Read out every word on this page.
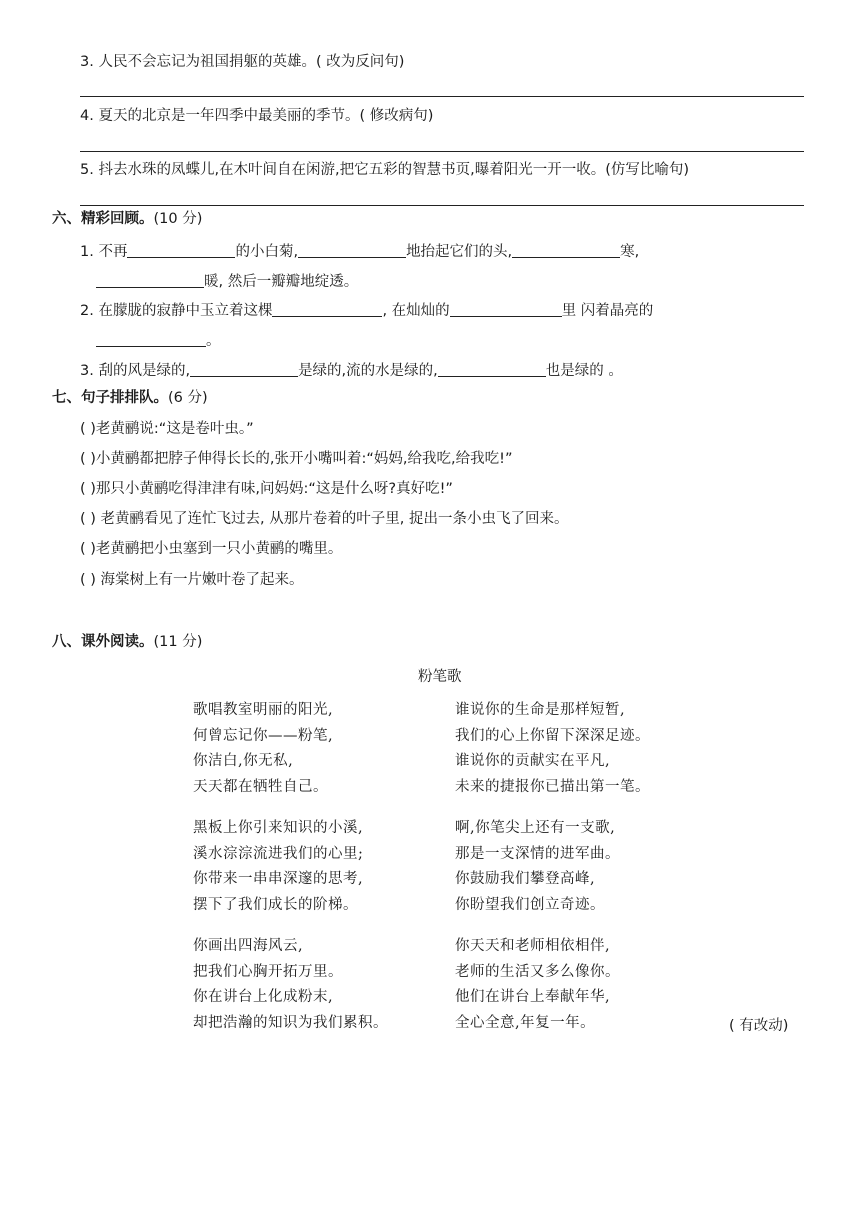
3. 人民不会忘记为祖国捐躯的英雄。( 改为反问句)
4. 夏天的北京是一年四季中最美丽的季节。( 修改病句)
5. 抖去水珠的凤蝶儿,在木叶间自在闲游,把它五彩的智慧书页,曝着阳光一开一收。(仿写比喻句)
六、精彩回顾。(10 分)
1. 不再	的小白菊,	地抬起它们的头,	寒,
暖, 然后一瓣瓣地绽透。
2. 在朦胧的寂静中玉立着这棵	, 在灿灿的	里 闪着晶亮的
。
3. 刮的风是绿的,	是绿的,流的水是绿的,	也是绿的 。
七、句子排排队。(6 分)
( )老黄鹂说:“这是卷叶虫。”
( )小黄鹂都把脖子伸得长长的,张开小嘴叫着:“妈妈,给我吃,给我吃!”
( )那只小黄鹂吃得津津有味,问妈妈:“这是什么呀?真好吃!”
( ) 老黄鹂看见了连忙飞过去, 从那片卷着的叶子里, 捉出一条小虫飞了回来。
( )老黄鹂把小虫塞到一只小黄鹂的嘴里。
( ) 海棠树上有一片嫩叶卷了起来。
八、课外阅读。(11 分)
粉笔歌
歌唱教室明丽的阳光,
何曾忘记你——粉笔,
你洁白,你无私,
天天都在牺牲自己。
黑板上你引来知识的小溪,
溪水淙淙流进我们的心里;
你带来一串串深邃的思考,
摆下了我们成长的阶梯。
你画出四海风云,
把我们心胸开拓万里。
你在讲台上化成粉末,
却把浩瀚的知识为我们累积。
谁说你的生命是那样短暂,
我们的心上你留下深深足迹。
谁说你的贡献实在平凡,
未来的捷报你已描出第一笔。
啊,你笔尖上还有一支歌,
那是一支深情的进军曲。
你鼓励我们攀登高峰,
你盼望我们创立奇迹。
你天天和老师相依相伴,
老师的生活又多么像你。
他们在讲台上奉献年华,
全心全意,年复一年。	( 有改动)
